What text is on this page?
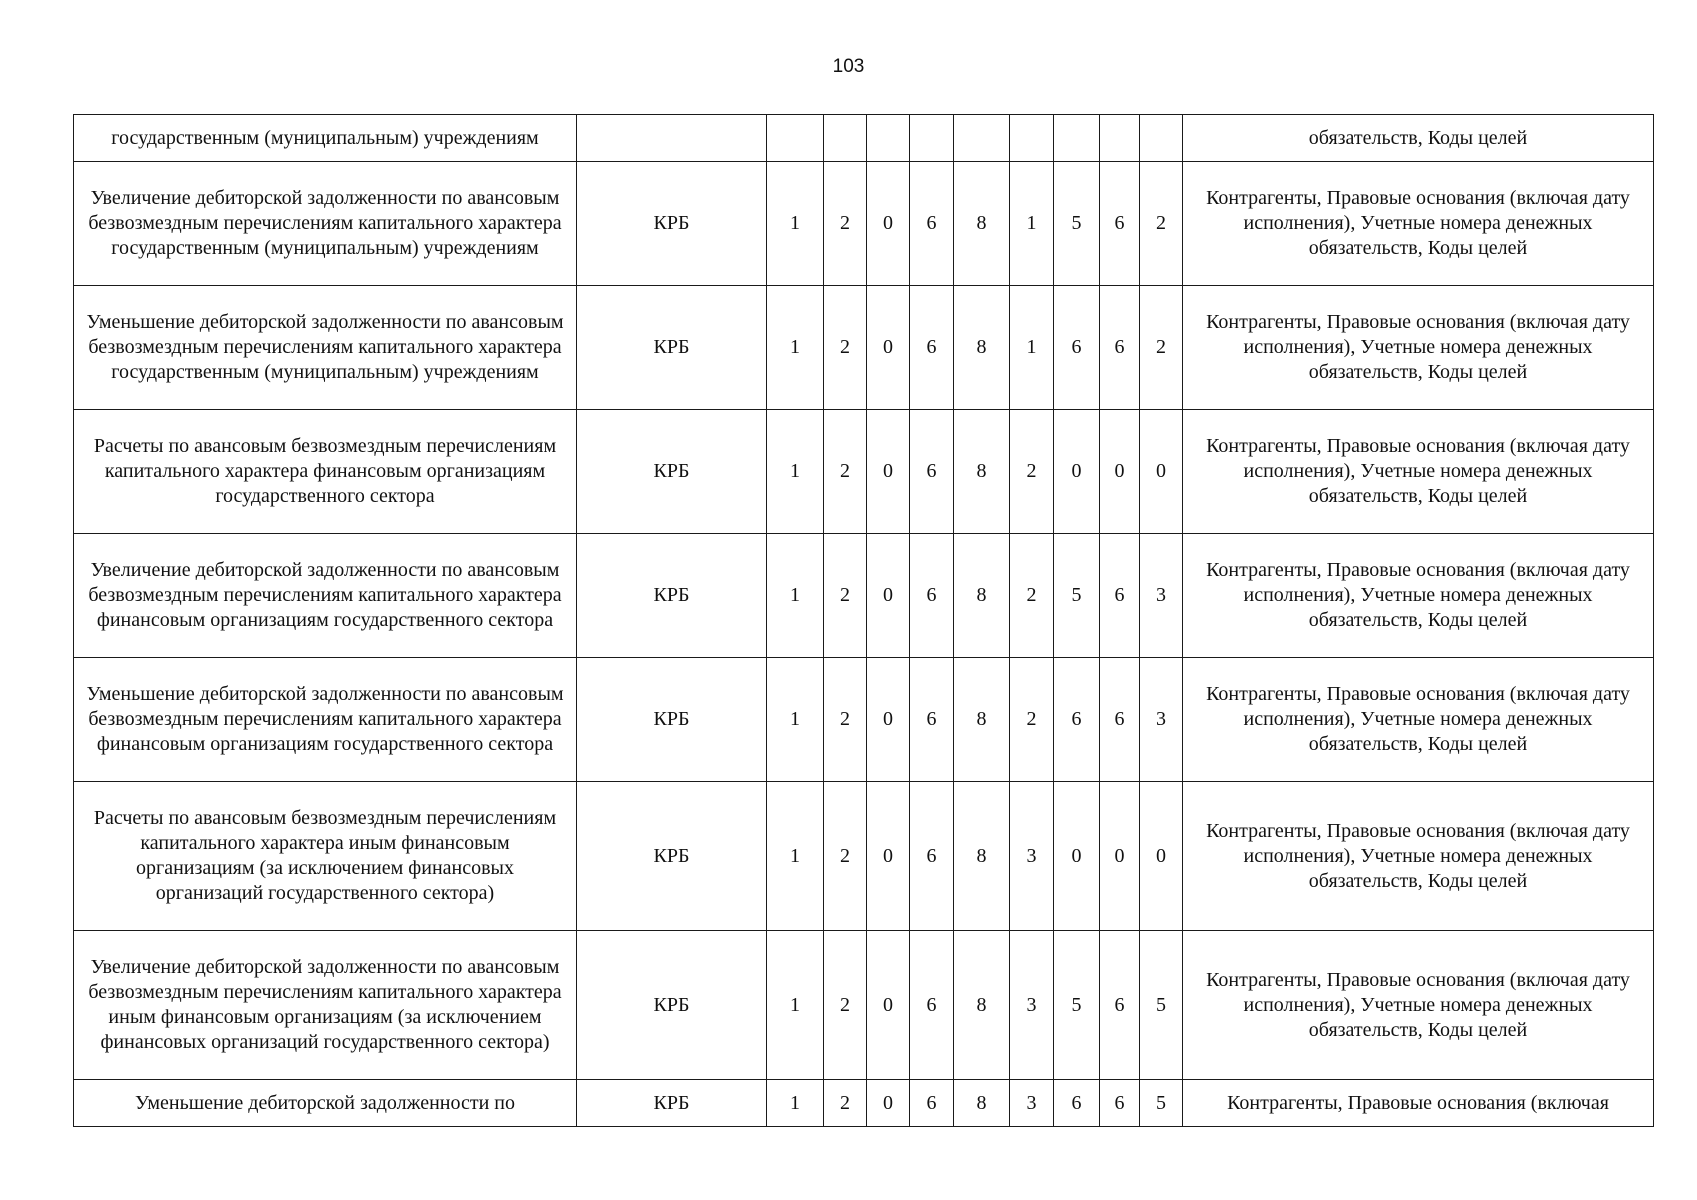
103
государственным (муниципальным) учреждениям											обязательств, Коды целей
Увеличение дебиторской задолженности по авансовым безвозмездным перечислениям капитального характера государственным (муниципальным) учреждениям	КРБ	1	2	0	6	8	1	5	6	2	Контрагенты, Правовые основания (включая дату исполнения), Учетные номера денежных обязательств, Коды целей
Уменьшение дебиторской задолженности по авансовым безвозмездным перечислениям капитального характера государственным (муниципальным) учреждениям	КРБ	1	2	0	6	8	1	6	6	2	Контрагенты, Правовые основания (включая дату исполнения), Учетные номера денежных обязательств, Коды целей
Расчеты по авансовым безвозмездным перечислениям капитального характера финансовым организациям государственного сектора	КРБ	1	2	0	6	8	2	0	0	0	Контрагенты, Правовые основания (включая дату исполнения), Учетные номера денежных обязательств, Коды целей
Увеличение дебиторской задолженности по авансовым безвозмездным перечислениям капитального характера финансовым организациям государственного сектора	КРБ	1	2	0	6	8	2	5	6	3	Контрагенты, Правовые основания (включая дату исполнения), Учетные номера денежных обязательств, Коды целей
Уменьшение дебиторской задолженности по авансовым безвозмездным перечислениям капитального характера финансовым организациям государственного сектора	КРБ	1	2	0	6	8	2	6	6	3	Контрагенты, Правовые основания (включая дату исполнения), Учетные номера денежных обязательств, Коды целей
Расчеты по авансовым безвозмездным перечислениям капитального характера иным финансовым организациям (за исключением финансовых организаций государственного сектора)	КРБ	1	2	0	6	8	3	0	0	0	Контрагенты, Правовые основания (включая дату исполнения), Учетные номера денежных обязательств, Коды целей
Увеличение дебиторской задолженности по авансовым безвозмездным перечислениям капитального характера иным финансовым организациям (за исключением финансовых организаций государственного сектора)	КРБ	1	2	0	6	8	3	5	6	5	Контрагенты, Правовые основания (включая дату исполнения), Учетные номера денежных обязательств, Коды целей
Уменьшение дебиторской задолженности по	КРБ	1	2	0	6	8	3	6	6	5	Контрагенты, Правовые основания (включая
